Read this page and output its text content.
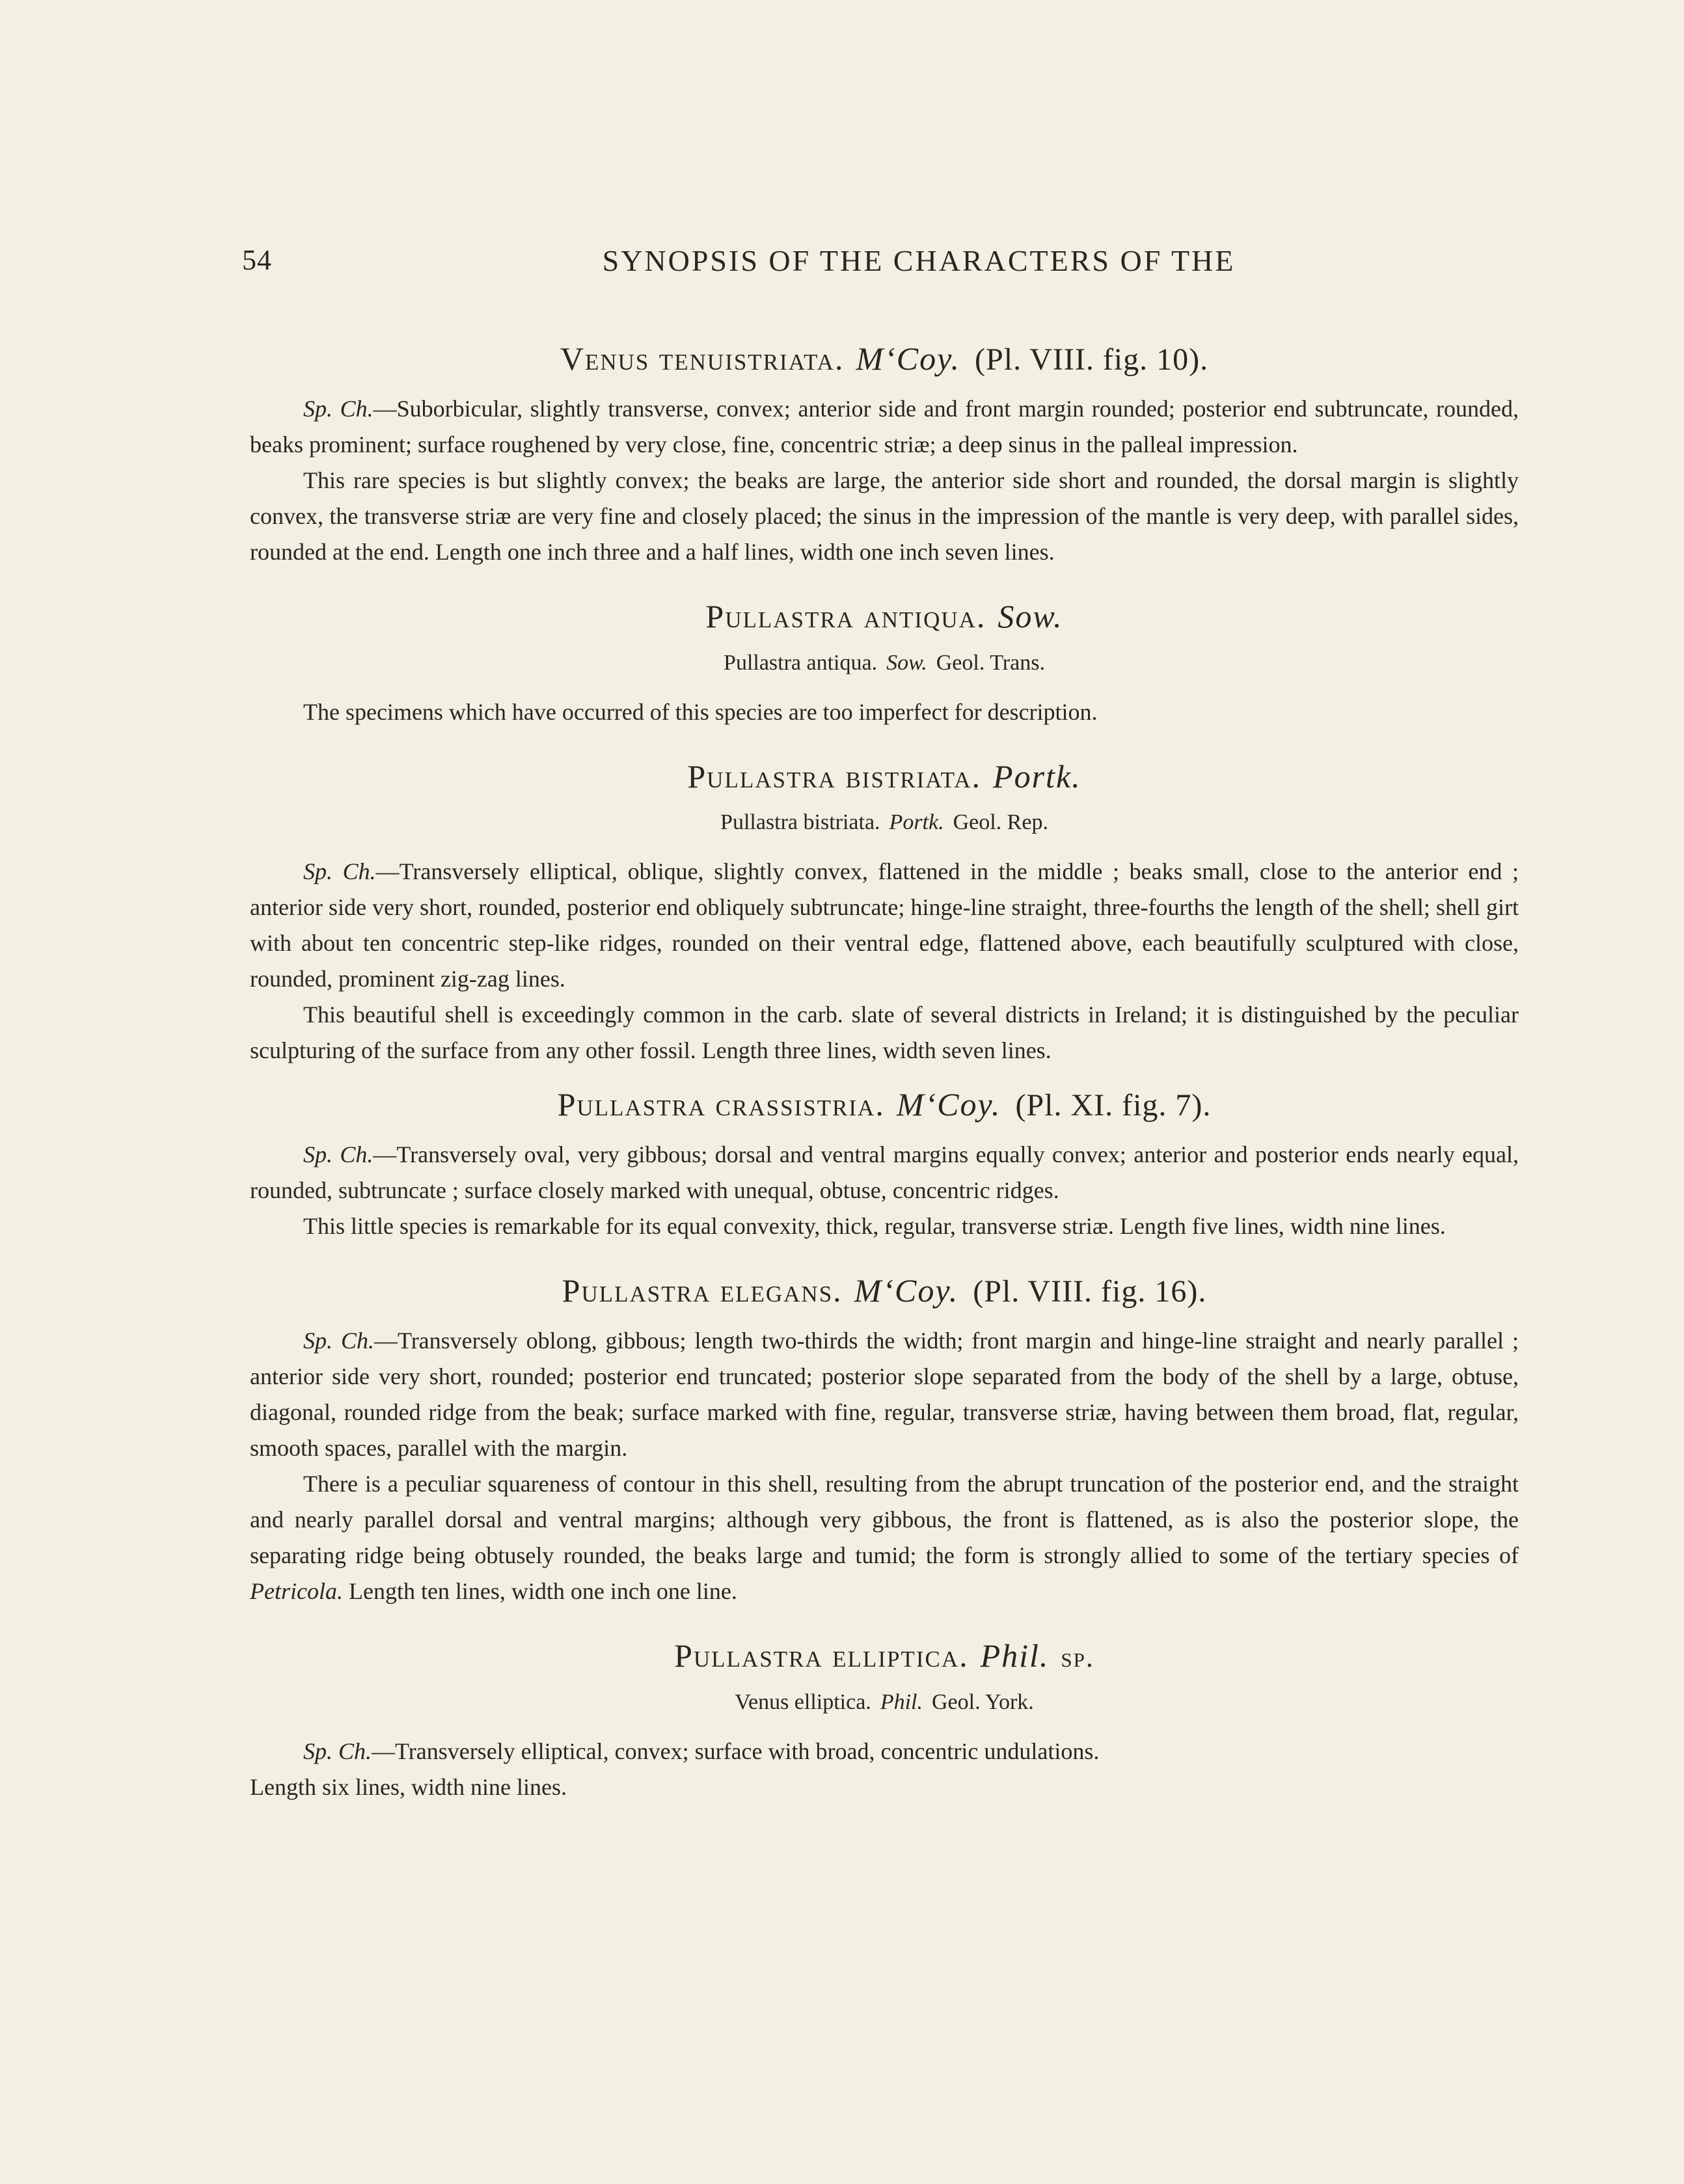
54	SYNOPSIS OF THE CHARACTERS OF THE
Venus tenuistriata. M‘Coy. (Pl. VIII. fig. 10).

Sp. Ch.—Suborbicular, slightly transverse, convex; anterior side and front margin rounded; posterior end subtruncate, rounded, beaks prominent; surface roughened by very close, fine, concentric striæ; a deep sinus in the palleal impression.

This rare species is but slightly convex; the beaks are large, the anterior side short and rounded, the dorsal margin is slightly convex, the transverse striæ are very fine and closely placed; the sinus in the impression of the mantle is very deep, with parallel sides, rounded at the end. Length one inch three and a half lines, width one inch seven lines.

Pullastra antiqua. Sow.
Pullastra antiqua. Sow. Geol. Trans.

The specimens which have occurred of this species are too imperfect for description.

Pullastra bistriata. Portk.
Pullastra bistriata. Portk. Geol. Rep.

Sp. Ch.—Transversely elliptical, oblique, slightly convex, flattened in the middle ; beaks small, close to the anterior end ; anterior side very short, rounded, posterior end obliquely subtruncate; hinge-line straight, three-fourths the length of the shell; shell girt with about ten concentric step-like ridges, rounded on their ventral edge, flattened above, each beautifully sculptured with close, rounded, prominent zig-zag lines.

This beautiful shell is exceedingly common in the carb. slate of several districts in Ireland; it is distinguished by the peculiar sculpturing of the surface from any other fossil. Length three lines, width seven lines.

Pullastra crassistria. M‘Coy. (Pl. XI. fig. 7).

Sp. Ch.—Transversely oval, very gibbous; dorsal and ventral margins equally convex; anterior and posterior ends nearly equal, rounded, subtruncate ; surface closely marked with unequal, obtuse, concentric ridges.

This little species is remarkable for its equal convexity, thick, regular, transverse striæ. Length five lines, width nine lines.

Pullastra elegans. M‘Coy. (Pl. VIII. fig. 16).

Sp. Ch.—Transversely oblong, gibbous; length two-thirds the width; front margin and hinge-line straight and nearly parallel ; anterior side very short, rounded; posterior end truncated; posterior slope separated from the body of the shell by a large, obtuse, diagonal, rounded ridge from the beak; surface marked with fine, regular, transverse striæ, having between them broad, flat, regular, smooth spaces, parallel with the margin.

There is a peculiar squareness of contour in this shell, resulting from the abrupt truncation of the posterior end, and the straight and nearly parallel dorsal and ventral margins; although very gibbous, the front is flattened, as is also the posterior slope, the separating ridge being obtusely rounded, the beaks large and tumid; the form is strongly allied to some of the tertiary species of Petricola. Length ten lines, width one inch one line.

Pullastra elliptica. Phil. sp.
Venus elliptica. Phil. Geol. York.

Sp. Ch.—Transversely elliptical, convex; surface with broad, concentric undulations.

Length six lines, width nine lines.
